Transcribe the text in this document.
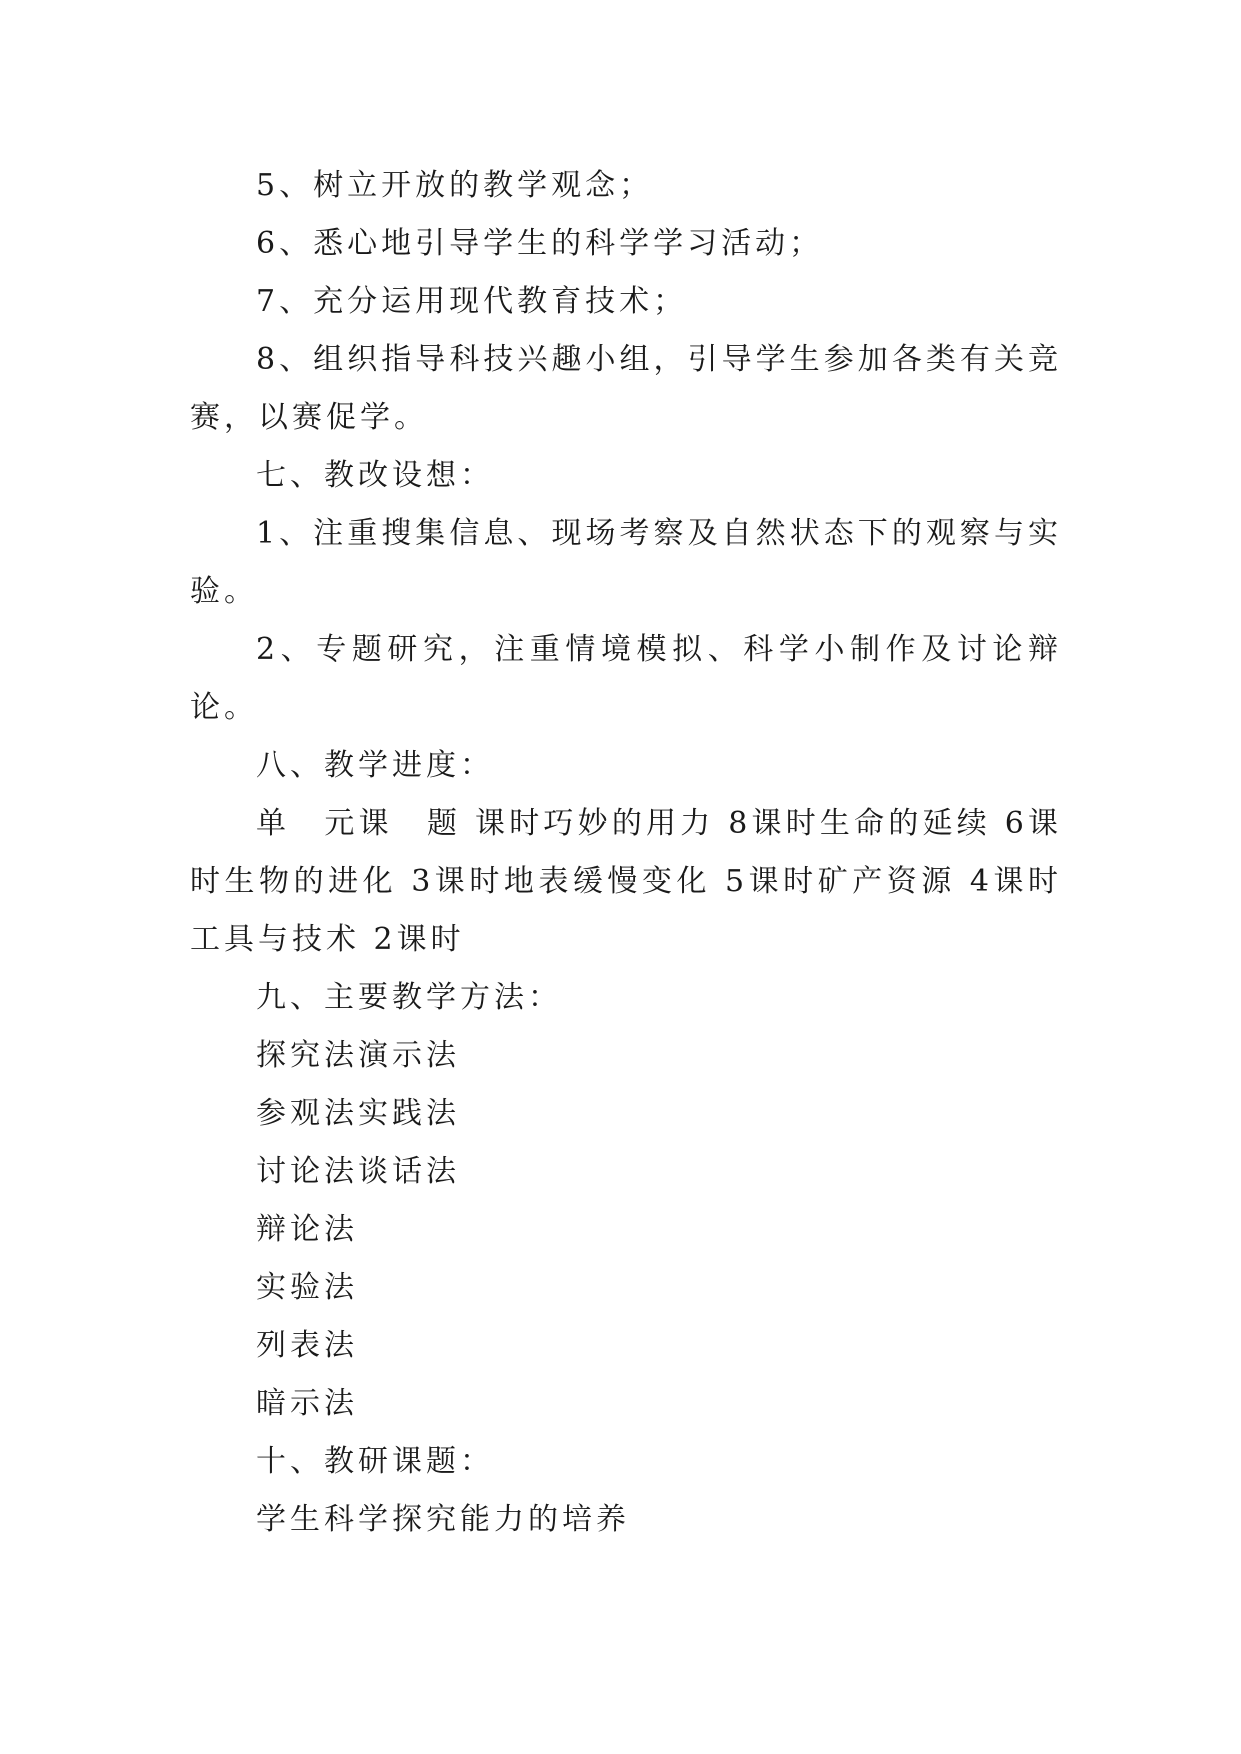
5、树立开放的教学观念；

6、悉心地引导学生的科学学习活动；

7、充分运用现代教育技术；

8、组织指导科技兴趣小组，引导学生参加各类有关竞赛，以赛促学。

七、教改设想：

1、注重搜集信息、现场考察及自然状态下的观察与实验。

2、专题研究，注重情境模拟、科学小制作及讨论辩论。

八、教学进度：

单　元课　题 课时巧妙的用力 8课时生命的延续 6课时生物的进化 3课时地表缓慢变化 5课时矿产资源 4课时工具与技术 2课时

九、主要教学方法：

探究法演示法

参观法实践法

讨论法谈话法

辩论法

实验法

列表法

暗示法

十、教研课题：

学生科学探究能力的培养
